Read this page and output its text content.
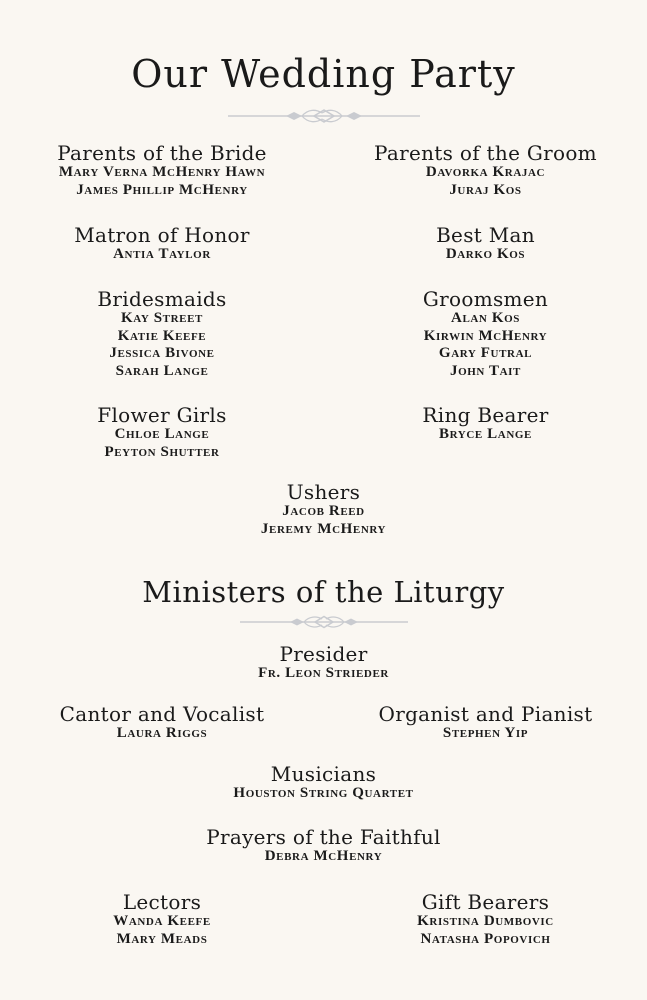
Our Wedding Party
Parents of the Bride
Mary Verna McHenry Hawn
James Phillip McHenry
Parents of the Groom
Davorka Krajac
Juraj Kos
Matron of Honor
Antia Taylor
Best Man
Darko Kos
Bridesmaids
Kay Street
Katie Keefe
Jessica Bivone
Sarah Lange
Groomsmen
Alan Kos
Kirwin McHenry
Gary Futral
John Tait
Flower Girls
Chloe Lange
Peyton Shutter
Ring Bearer
Bryce Lange
Ushers
Jacob Reed
Jeremy McHenry
Ministers of the Liturgy
Presider
Fr. Leon Strieder
Cantor and Vocalist
Laura Riggs
Organist and Pianist
Stephen Yip
Musicians
Houston String Quartet
Prayers of the Faithful
Debra McHenry
Lectors
Wanda Keefe
Mary Meads
Gift Bearers
Kristina Dumbovic
Natasha Popovich
